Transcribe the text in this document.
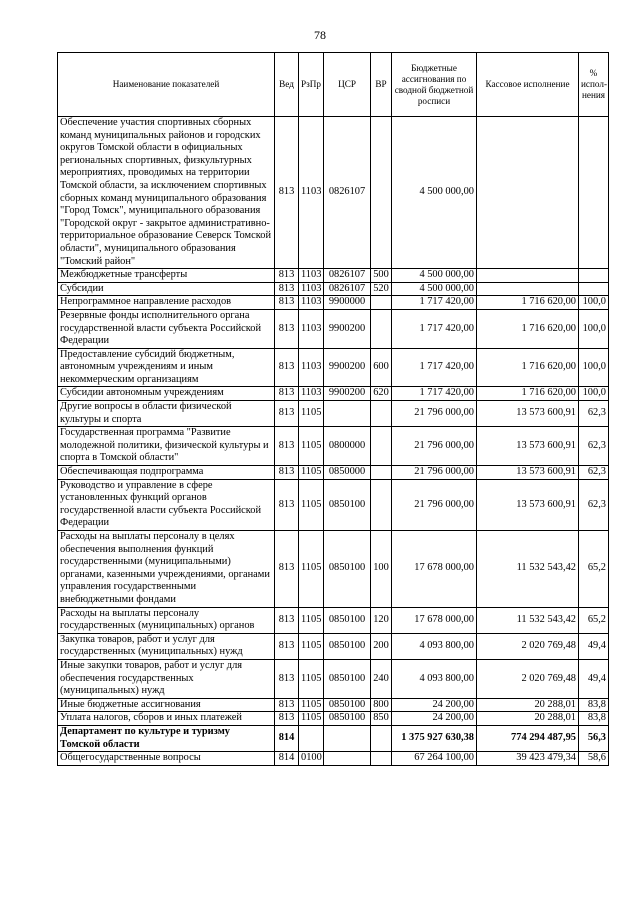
78
Наименование показателей	Вед	РзПр	ЦСР	ВР	Бюджетные ассигнования по сводной бюджетной росписи	Кассовое исполнение	% испол-нения
Обеспечение участия спортивных сборных команд муниципальных районов и городских округов Томской области в официальных региональных спортивных, физкультурных мероприятиях, проводимых на территории Томской области, за исключением спортивных сборных команд муниципального образования "Город Томск", муниципального образования "Городской округ - закрытое административно-территориальное образование Северск Томской области", муниципального образования "Томский район"	813	1103	0826107		4 500 000,00		
Межбюджетные трансферты	813	1103	0826107	500	4 500 000,00		
Субсидии	813	1103	0826107	520	4 500 000,00		
Непрограммное направление расходов	813	1103	9900000		1 717 420,00	1 716 620,00	100,0
Резервные фонды исполнительного органа государственной власти субъекта Российской Федерации	813	1103	9900200		1 717 420,00	1 716 620,00	100,0
Предоставление субсидий бюджетным, автономным учреждениям и иным некоммерческим организациям	813	1103	9900200	600	1 717 420,00	1 716 620,00	100,0
Субсидии автономным учреждениям	813	1103	9900200	620	1 717 420,00	1 716 620,00	100,0
Другие вопросы в области физической культуры и спорта	813	1105			21 796 000,00	13 573 600,91	62,3
Государственная программа "Развитие молодежной политики, физической культуры и спорта в Томской области"	813	1105	0800000		21 796 000,00	13 573 600,91	62,3
Обеспечивающая подпрограмма	813	1105	0850000		21 796 000,00	13 573 600,91	62,3
Руководство и управление в сфере установленных функций органов государственной власти субъекта Российской Федерации	813	1105	0850100		21 796 000,00	13 573 600,91	62,3
Расходы на выплаты персоналу в целях обеспечения выполнения функций государственными (муниципальными) органами, казенными учреждениями, органами управления государственными внебюджетными фондами	813	1105	0850100	100	17 678 000,00	11 532 543,42	65,2
Расходы на выплаты персоналу государственных (муниципальных) органов	813	1105	0850100	120	17 678 000,00	11 532 543,42	65,2
Закупка товаров, работ и услуг для государственных (муниципальных) нужд	813	1105	0850100	200	4 093 800,00	2 020 769,48	49,4
Иные закупки товаров, работ и услуг для обеспечения государственных (муниципальных) нужд	813	1105	0850100	240	4 093 800,00	2 020 769,48	49,4
Иные бюджетные ассигнования	813	1105	0850100	800	24 200,00	20 288,01	83,8
Уплата налогов, сборов и иных платежей	813	1105	0850100	850	24 200,00	20 288,01	83,8
Департамент по культуре и туризму Томской области	814				1 375 927 630,38	774 294 487,95	56,3
Общегосударственные вопросы	814	0100			67 264 100,00	39 423 479,34	58,6
